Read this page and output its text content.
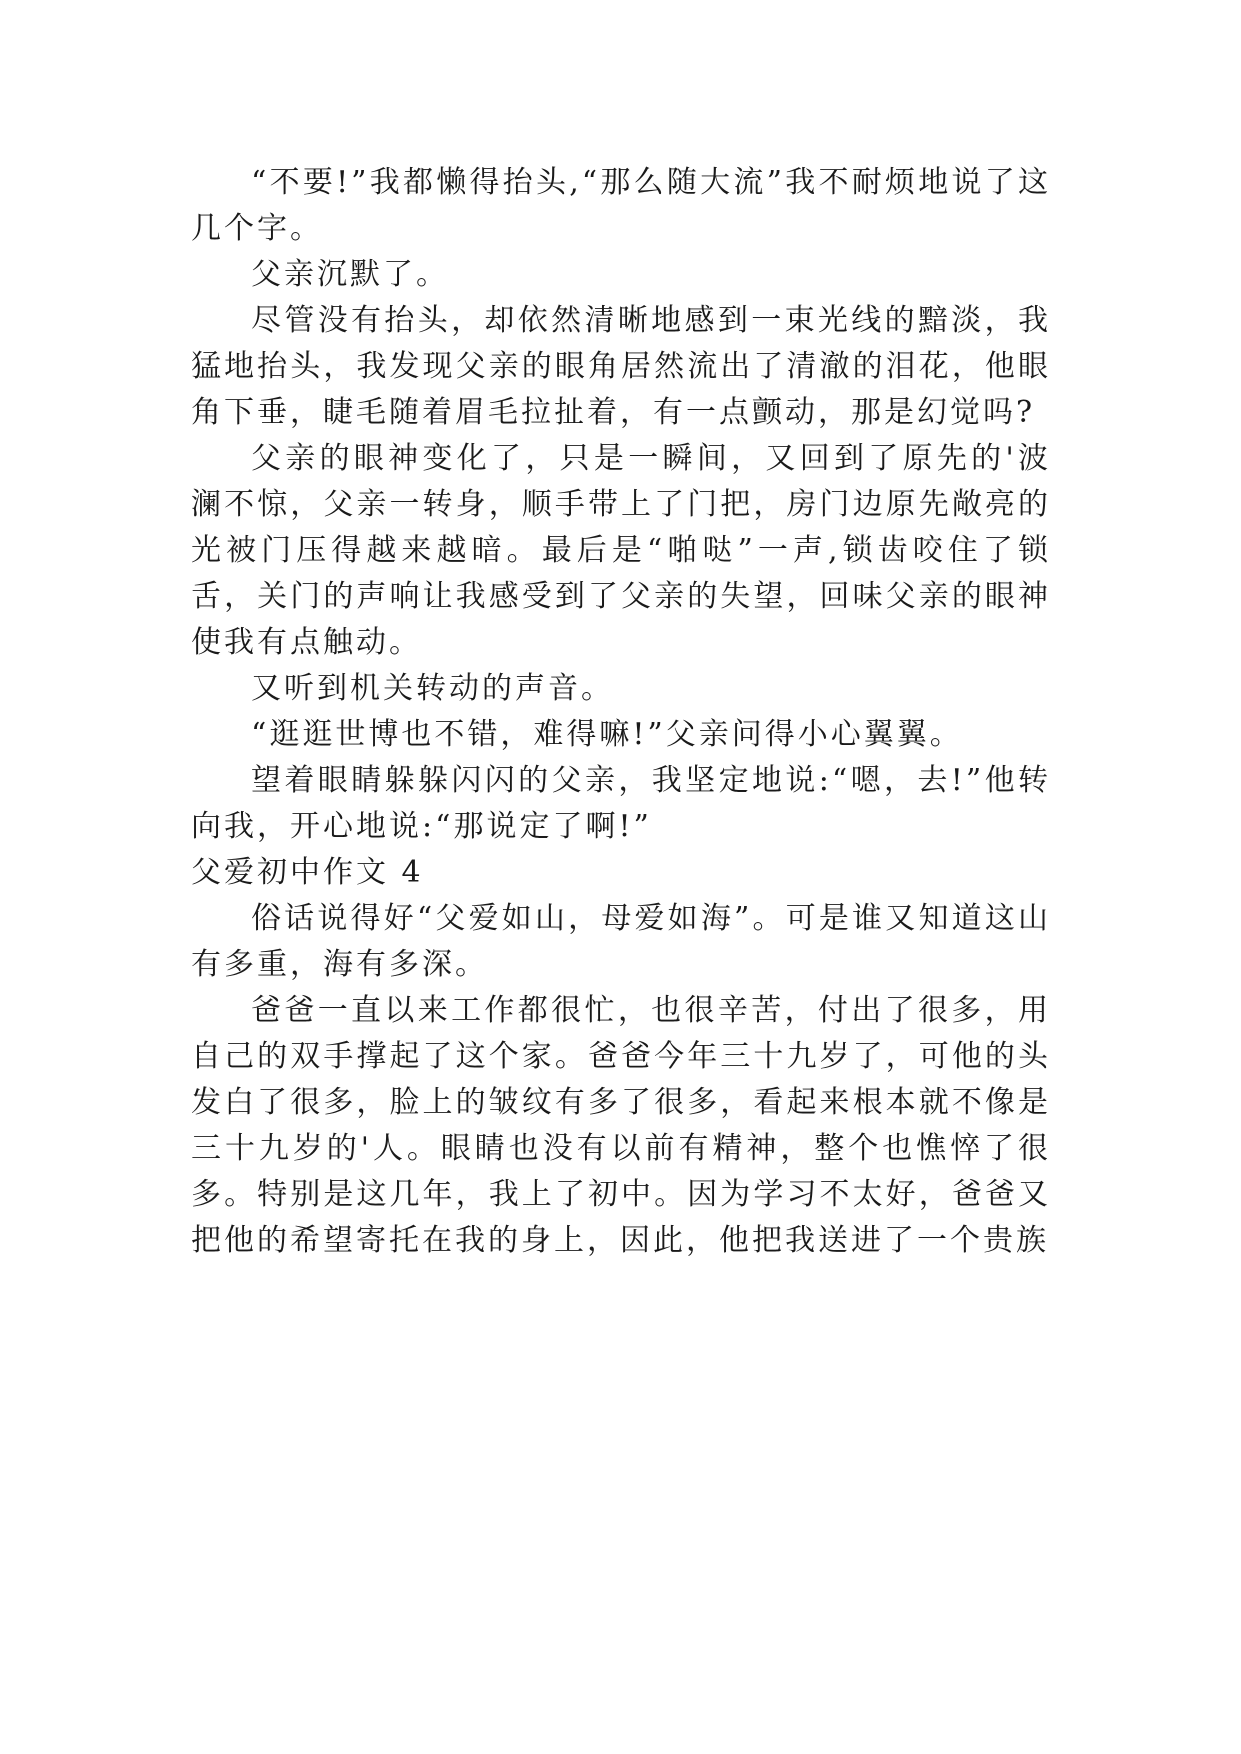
“不要!”我都懒得抬头,“那么随大流”我不耐烦地说了这几个字。

父亲沉默了。

尽管没有抬头，却依然清晰地感到一束光线的黯淡，我猛地抬头，我发现父亲的眼角居然流出了清澈的泪花，他眼角下垂，睫毛随着眉毛拉扯着，有一点颤动，那是幻觉吗?

父亲的眼神变化了，只是一瞬间，又回到了原先的'波澜不惊，父亲一转身，顺手带上了门把，房门边原先敞亮的光被门压得越来越暗。最后是“啪哒”一声,锁齿咬住了锁舌，关门的声响让我感受到了父亲的失望，回味父亲的眼神使我有点触动。

又听到机关转动的声音。

“逛逛世博也不错，难得嘛!”父亲问得小心翼翼。

望着眼睛躲躲闪闪的父亲，我坚定地说:“嗯，去!”他转向我，开心地说:“那说定了啊!”

父爱初中作文 4

俗话说得好“父爱如山，母爱如海”。可是谁又知道这山有多重，海有多深。

爸爸一直以来工作都很忙，也很辛苦，付出了很多，用自己的双手撑起了这个家。爸爸今年三十九岁了，可他的头发白了很多，脸上的皱纹有多了很多，看起来根本就不像是三十九岁的'人。眼睛也没有以前有精神，整个也憔悴了很多。特别是这几年，我上了初中。因为学习不太好，爸爸又把他的希望寄托在我的身上，因此，他把我送进了一个贵族
